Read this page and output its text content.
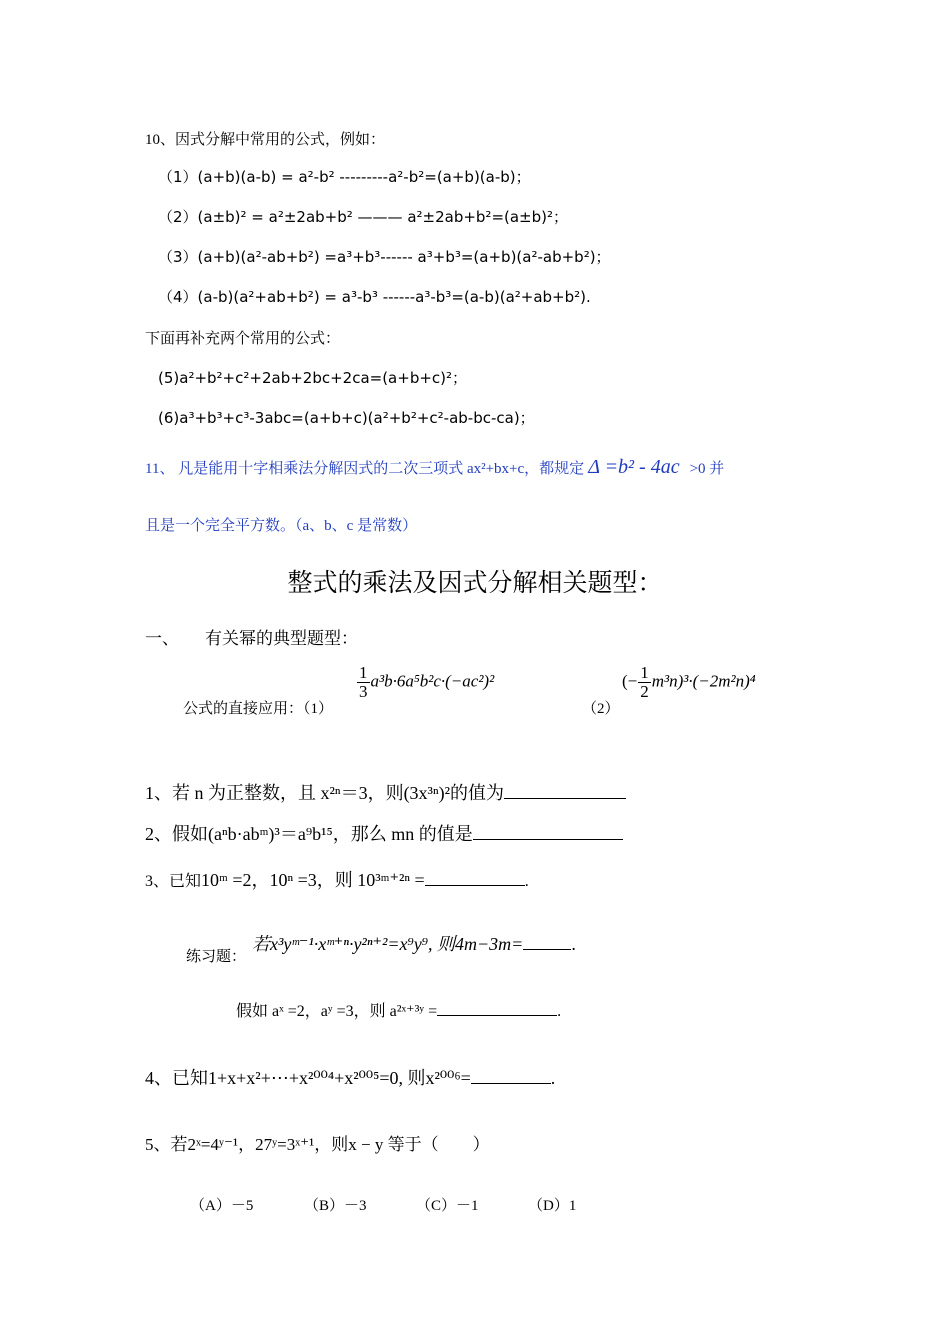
10、因式分解中常用的公式，例如：
（1）(a+b)(a-b) = a²-b² ---------a²-b²=(a+b)(a-b)；
（2）(a±b)² = a²±2ab+b² ——— a²±2ab+b²=(a±b)²；
（3）(a+b)(a²-ab+b²) =a³+b³------ a³+b³=(a+b)(a²-ab+b²)；
（4）(a-b)(a²+ab+b²) = a³-b³ ------a³-b³=(a-b)(a²+ab+b²).
下面再补充两个常用的公式：
(5)a²+b²+c²+2ab+2bc+2ca=(a+b+c)²；
(6)a³+b³+c³-3abc=(a+b+c)(a²+b²+c²-ab-bc-ca)；
11、 凡是能用十字相乘法分解因式的二次三项式 ax²+bx+c，都规定 Δ =b² - 4ac >0 并
且是一个完全平方数。（a、b、c 是常数）
整式的乘法及因式分解相关题型：
一、 有关幂的典型题型：
公式的直接应用：（1）
$\frac{1}{3} a^3b\cdot 6a^5b^2c\cdot(-ac^2)^2$
（2）
(− $\frac{1}{2} m^3n)^3\cdot(-2m^2n)^4$
1、若 n 为正整数，且 x²ⁿ＝3，则(3x³ⁿ)²的值为
2、假如(aⁿb·abᵐ)³＝a⁹b¹⁵，那么 mn 的值是
3、已知10ᵐ =2，10ⁿ =3，则 10³ᵐ⁺²ⁿ =	.
练习题：
若x³yᵐ⁻¹·xᵐ⁺ⁿ·y²ⁿ⁺²=x⁹y⁹, 则4m−3m=	.
假如 aˣ =2，aʸ =3，则 a²ˣ⁺³ʸ =	.
4、已知1+x+x²+⋯+x²⁰⁰⁴+x²⁰⁰⁵=0, 则x²⁰⁰⁶=	.
5、若2ˣ=4ʸ⁻¹，27ʸ=3ˣ⁺¹，则x − y 等于（　　）
（A）－5	（B）－3	（C）－1	（D）1
